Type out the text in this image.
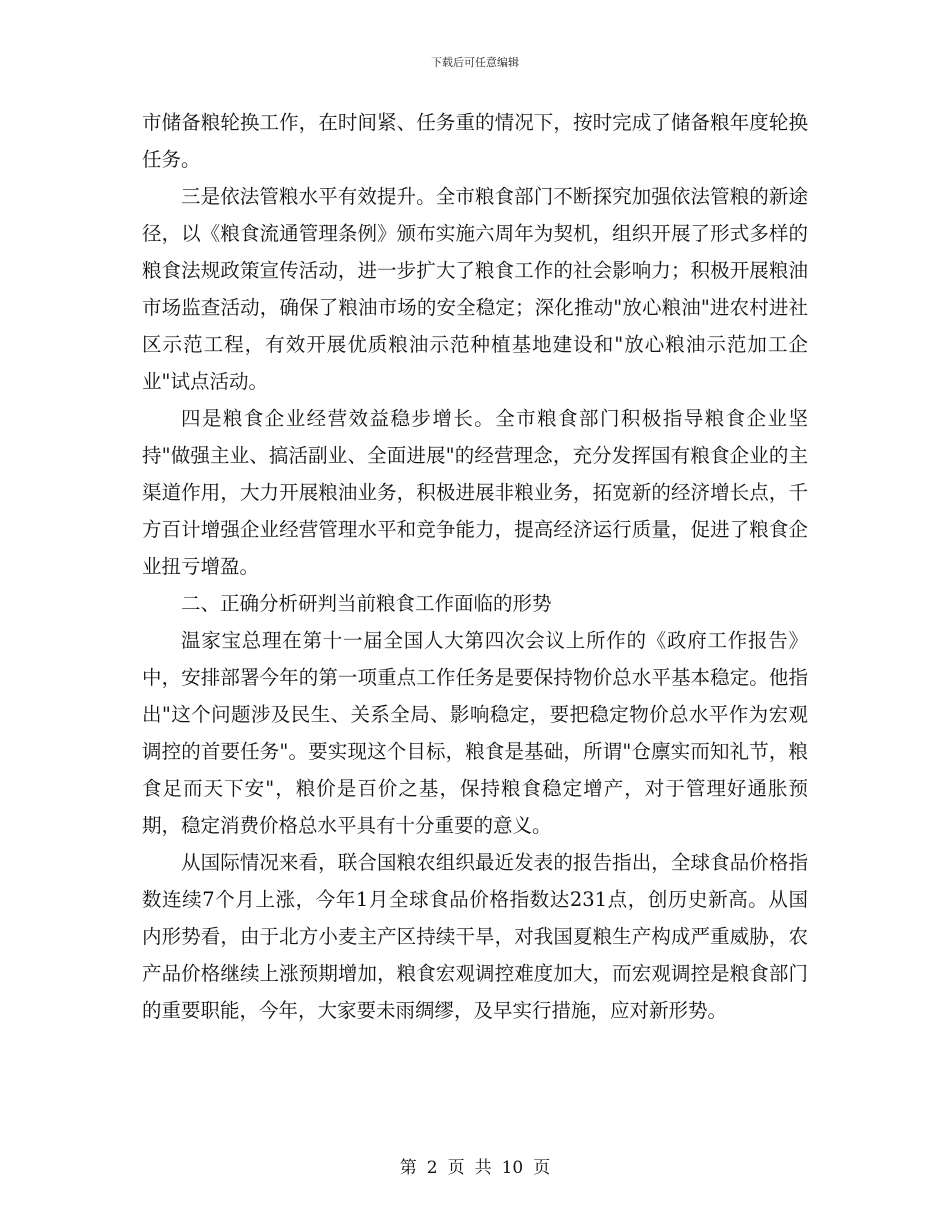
下载后可任意编辑

市储备粮轮换工作，在时间紧、任务重的情况下，按时完成了储备粮年度轮换任务。

三是依法管粮水平有效提升。全市粮食部门不断探究加强依法管粮的新途径，以《粮食流通管理条例》颁布实施六周年为契机，组织开展了形式多样的粮食法规政策宣传活动，进一步扩大了粮食工作的社会影响力；积极开展粮油市场监查活动，确保了粮油市场的安全稳定；深化推动"放心粮油"进农村进社区示范工程，有效开展优质粮油示范种植基地建设和"放心粮油示范加工企业"试点活动。

四是粮食企业经营效益稳步增长。全市粮食部门积极指导粮食企业坚持"做强主业、搞活副业、全面进展"的经营理念，充分发挥国有粮食企业的主渠道作用，大力开展粮油业务，积极进展非粮业务，拓宽新的经济增长点，千方百计增强企业经营管理水平和竞争能力，提高经济运行质量，促进了粮食企业扭亏增盈。

二、正确分析研判当前粮食工作面临的形势

温家宝总理在第十一届全国人大第四次会议上所作的《政府工作报告》中，安排部署今年的第一项重点工作任务是要保持物价总水平基本稳定。他指出"这个问题涉及民生、关系全局、影响稳定，要把稳定物价总水平作为宏观调控的首要任务"。要实现这个目标，粮食是基础，所谓"仓廪实而知礼节，粮食足而天下安"，粮价是百价之基，保持粮食稳定增产，对于管理好通胀预期，稳定消费价格总水平具有十分重要的意义。

从国际情况来看，联合国粮农组织最近发表的报告指出，全球食品价格指数连续7个月上涨，今年1月全球食品价格指数达231点，创历史新高。从国内形势看，由于北方小麦主产区持续干旱，对我国夏粮生产构成严重威胁，农产品价格继续上涨预期增加，粮食宏观调控难度加大，而宏观调控是粮食部门的重要职能，今年，大家要未雨绸缪，及早实行措施，应对新形势。

第 2 页 共 10 页
